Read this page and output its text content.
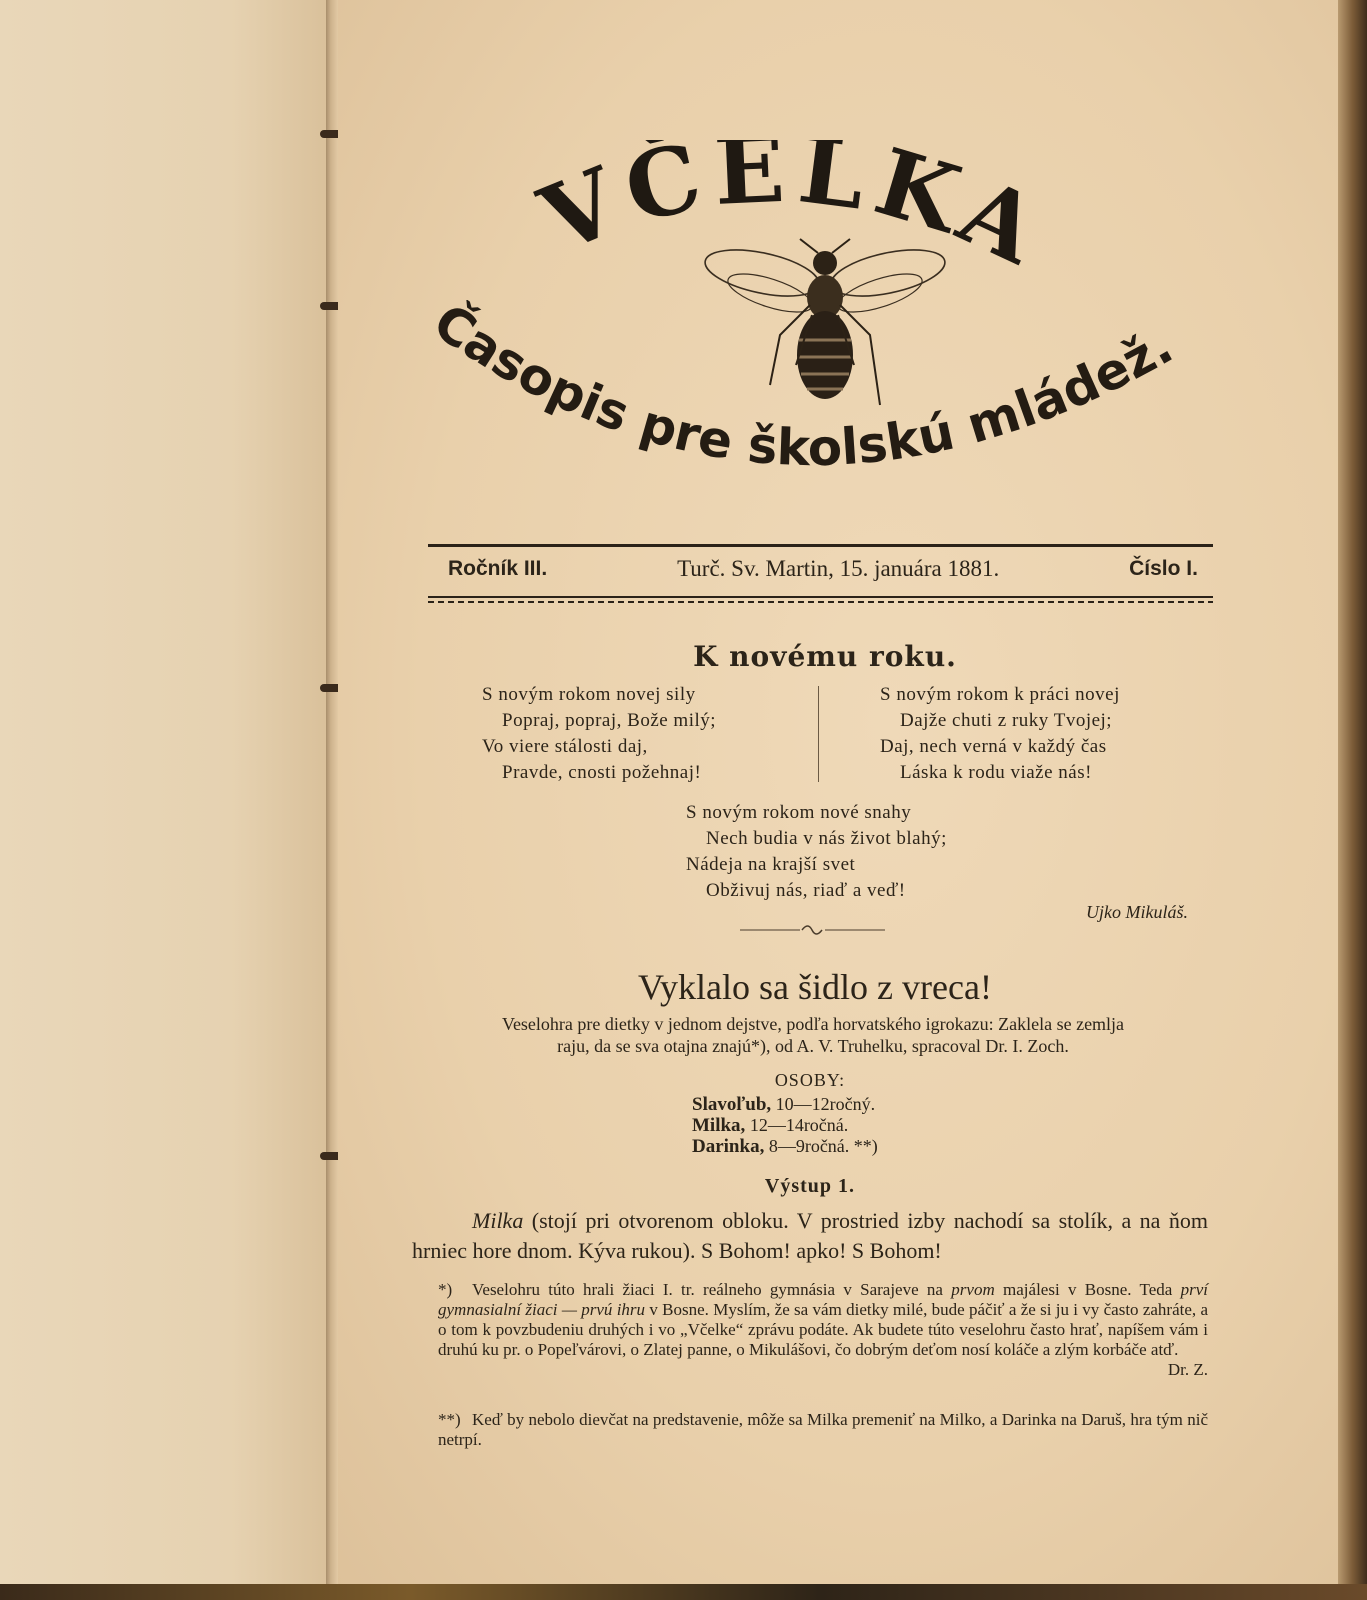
VČELKA
Časopis pre školskú mládež.
Ročník III.	Turč. Sv. Martin, 15. januára 1881.	Číslo I.
K novému roku.
S novým rokom novej sily
Popraj, popraj, Bože milý;
Vo viere stálosti daj,
Pravde, cnosti požehnaj!
S novým rokom k práci novej
Dajže chuti z ruky Tvojej;
Daj, nech verná v každý čas
Láska k rodu viaže nás!
S novým rokom nové snahy
Nech budia v nás život blahý;
Nádeja na krajší svet
Obživuj nás, riaď a veď!
Ujko Mikuláš.
Vyklalo sa šidlo z vreca!
Veselohra pre dietky v jednom dejstve, podľa horvatského igrokazu: Zaklela se zemlja
raju, da se sva otajna znajú*), od A. V. Truhelku, spracoval Dr. I. Zoch.
OSOBY:
Slavoľub, 10—12ročný.
Milka, 12—14ročná.
Darinka, 8—9ročná. **)
Výstup 1.
Milka (stojí pri otvorenom obloku. V prostried izby nachodí sa stolík, a na ňom hrniec hore dnom. Kýva rukou). S Bohom! apko! S Bohom!
*) Veselohru túto hrali žiaci I. tr. reálneho gymnásia v Sarajeve na prvom majálesi v Bosne. Teda prví gymnasialní žiaci — prvú ihru v Bosne. Myslím, že sa vám dietky milé, bude páčiť a že si ju i vy často zahráte, a o tom k povzbudeniu druhých i vo „Včelke“ zprávu podáte. Ak budete túto veselohru často hrať, napíšem vám i druhú ku pr. o Popeľvárovi, o Zlatej panne, o Mikulášovi, čo dobrým deťom nosí koláče a zlým korbáče atď.
Dr. Z.
**) Keď by nebolo dievčat na predstavenie, môže sa Milka premeniť na Milko, a Darinka na Daruš, hra tým nič netrpí.
